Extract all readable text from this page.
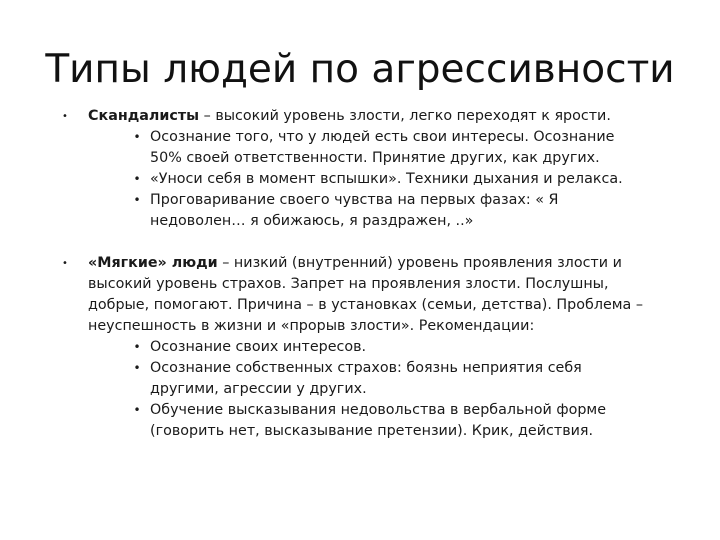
Типы людей по агрессивности
• Скандалисты – высокий уровень злости, легко переходят к ярости.
• Осознание того, что у людей есть свои интересы. Осознание 50% своей ответственности. Принятие других, как других.
• «Уноси себя в момент вспышки». Техники дыхания и релакса.
• Проговаривание своего чувства на первых фазах: « Я недоволен… я обижаюсь, я раздражен, ..»
• «Мягкие» люди – низкий (внутренний) уровень проявления злости и высокий уровень страхов. Запрет на проявления злости. Послушны, добрые, помогают. Причина – в установках (семьи, детства). Проблема – неуспешность в жизни и «прорыв злости». Рекомендации:
• Осознание своих интересов.
• Осознание собственных страхов: боязнь неприятия себя другими, агрессии у других.
• Обучение высказывания недовольства в вербальной форме (говорить нет, высказывание претензии). Крик, действия.
